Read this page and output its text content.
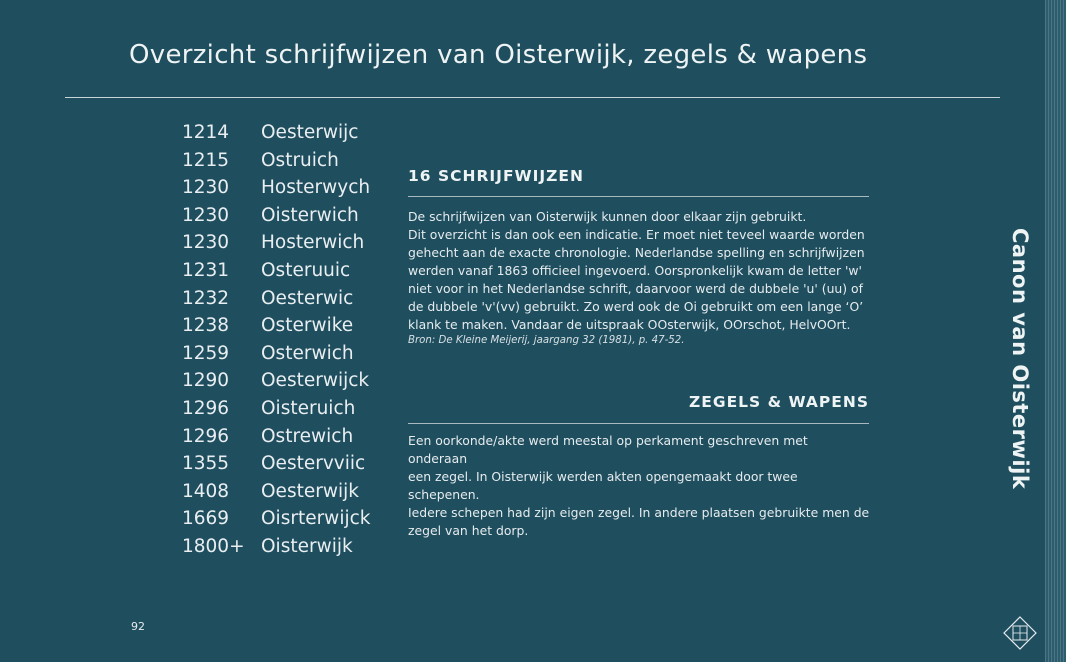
Overzicht schrijfwijzen van Oisterwijk, zegels & wapens
1214	Oesterwijc
1215	Ostruich
1230	Hosterwych
1230	Oisterwich
1230	Hosterwich
1231	Osteruuic
1232	Oesterwic
1238	Osterwike
1259	Osterwich
1290	Oesterwijck
1296	Oisteruich
1296	Ostrewich
1355	Oestervviic
1408	Oesterwijk
1669	Oisrterwijck
1800+ Oisterwijk
16 SCHRIJFWIJZEN
De schrijfwijzen van Oisterwijk kunnen door elkaar zijn gebruikt.
Dit overzicht is dan ook een indicatie. Er moet niet teveel waarde worden
gehecht aan de exacte chronologie. Nederlandse spelling en schrijfwijzen
werden vanaf 1863 officieel ingevoerd. Oorspronkelijk kwam de letter 'w'
niet voor in het Nederlandse schrift, daarvoor werd de dubbele 'u' (uu) of
de dubbele 'v'(vv) gebruikt. Zo werd ook de Oi gebruikt om een lange ‘O’
klank te maken. Vandaar de uitspraak OOsterwijk, OOrschot, HelvOOrt.
Bron: De Kleine Meijerij, jaargang 32 (1981), p. 47-52.
ZEGELS & WAPENS
Een oorkonde/akte werd meestal op perkament geschreven met onderaan
een zegel. In Oisterwijk werden akten opengemaakt door twee schepenen.
Iedere schepen had zijn eigen zegel. In andere plaatsen gebruikte men de
zegel van het dorp.
92
Canon van Oisterwijk
